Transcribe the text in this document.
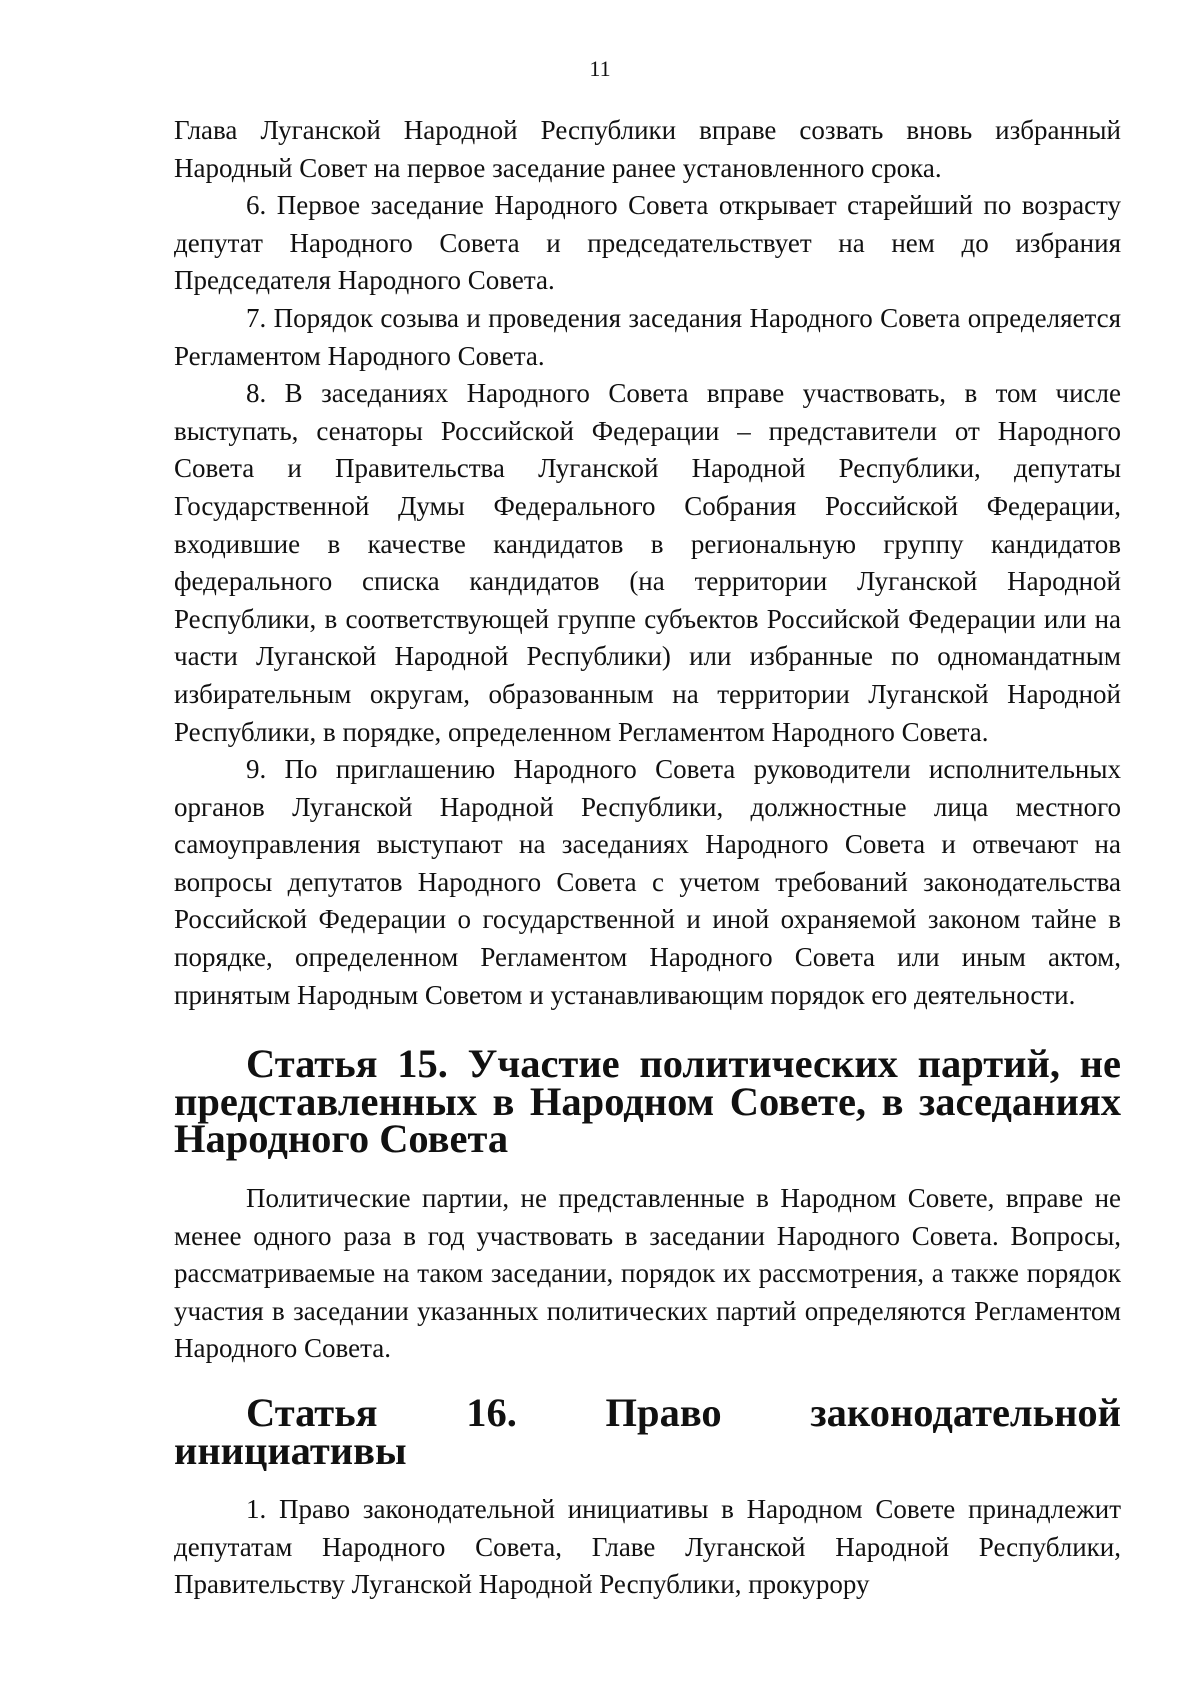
11

Глава Луганской Народной Республики вправе созвать вновь избранный Народный Совет на первое заседание ранее установленного срока.

6. Первое заседание Народного Совета открывает старейший по возрасту депутат Народного Совета и председательствует на нем до избрания Председателя Народного Совета.

7. Порядок созыва и проведения заседания Народного Совета определяется Регламентом Народного Совета.

8. В заседаниях Народного Совета вправе участвовать, в том числе выступать, сенаторы Российской Федерации – представители от Народного Совета и Правительства Луганской Народной Республики, депутаты Государственной Думы Федерального Собрания Российской Федерации, входившие в качестве кандидатов в региональную группу кандидатов федерального списка кандидатов (на территории Луганской Народной Республики, в соответствующей группе субъектов Российской Федерации или на части Луганской Народной Республики) или избранные по одномандатным избирательным округам, образованным на территории Луганской Народной Республики, в порядке, определенном Регламентом Народного Совета.

9. По приглашению Народного Совета руководители исполнительных органов Луганской Народной Республики, должностные лица местного самоуправления выступают на заседаниях Народного Совета и отвечают на вопросы депутатов Народного Совета с учетом требований законодательства Российской Федерации о государственной и иной охраняемой законом тайне в порядке, определенном Регламентом Народного Совета или иным актом, принятым Народным Советом и устанавливающим порядок его деятельности.

Статья 15. Участие политических партий, не представленных в Народном Совете, в заседаниях Народного Совета

Политические партии, не представленные в Народном Совете, вправе не менее одного раза в год участвовать в заседании Народного Совета. Вопросы, рассматриваемые на таком заседании, порядок их рассмотрения, а также порядок участия в заседании указанных политических партий определяются Регламентом Народного Совета.

Статья 16. Право законодательной инициативы

1. Право законодательной инициативы в Народном Совете принадлежит депутатам Народного Совета, Главе Луганской Народной Республики, Правительству Луганской Народной Республики, прокурору
